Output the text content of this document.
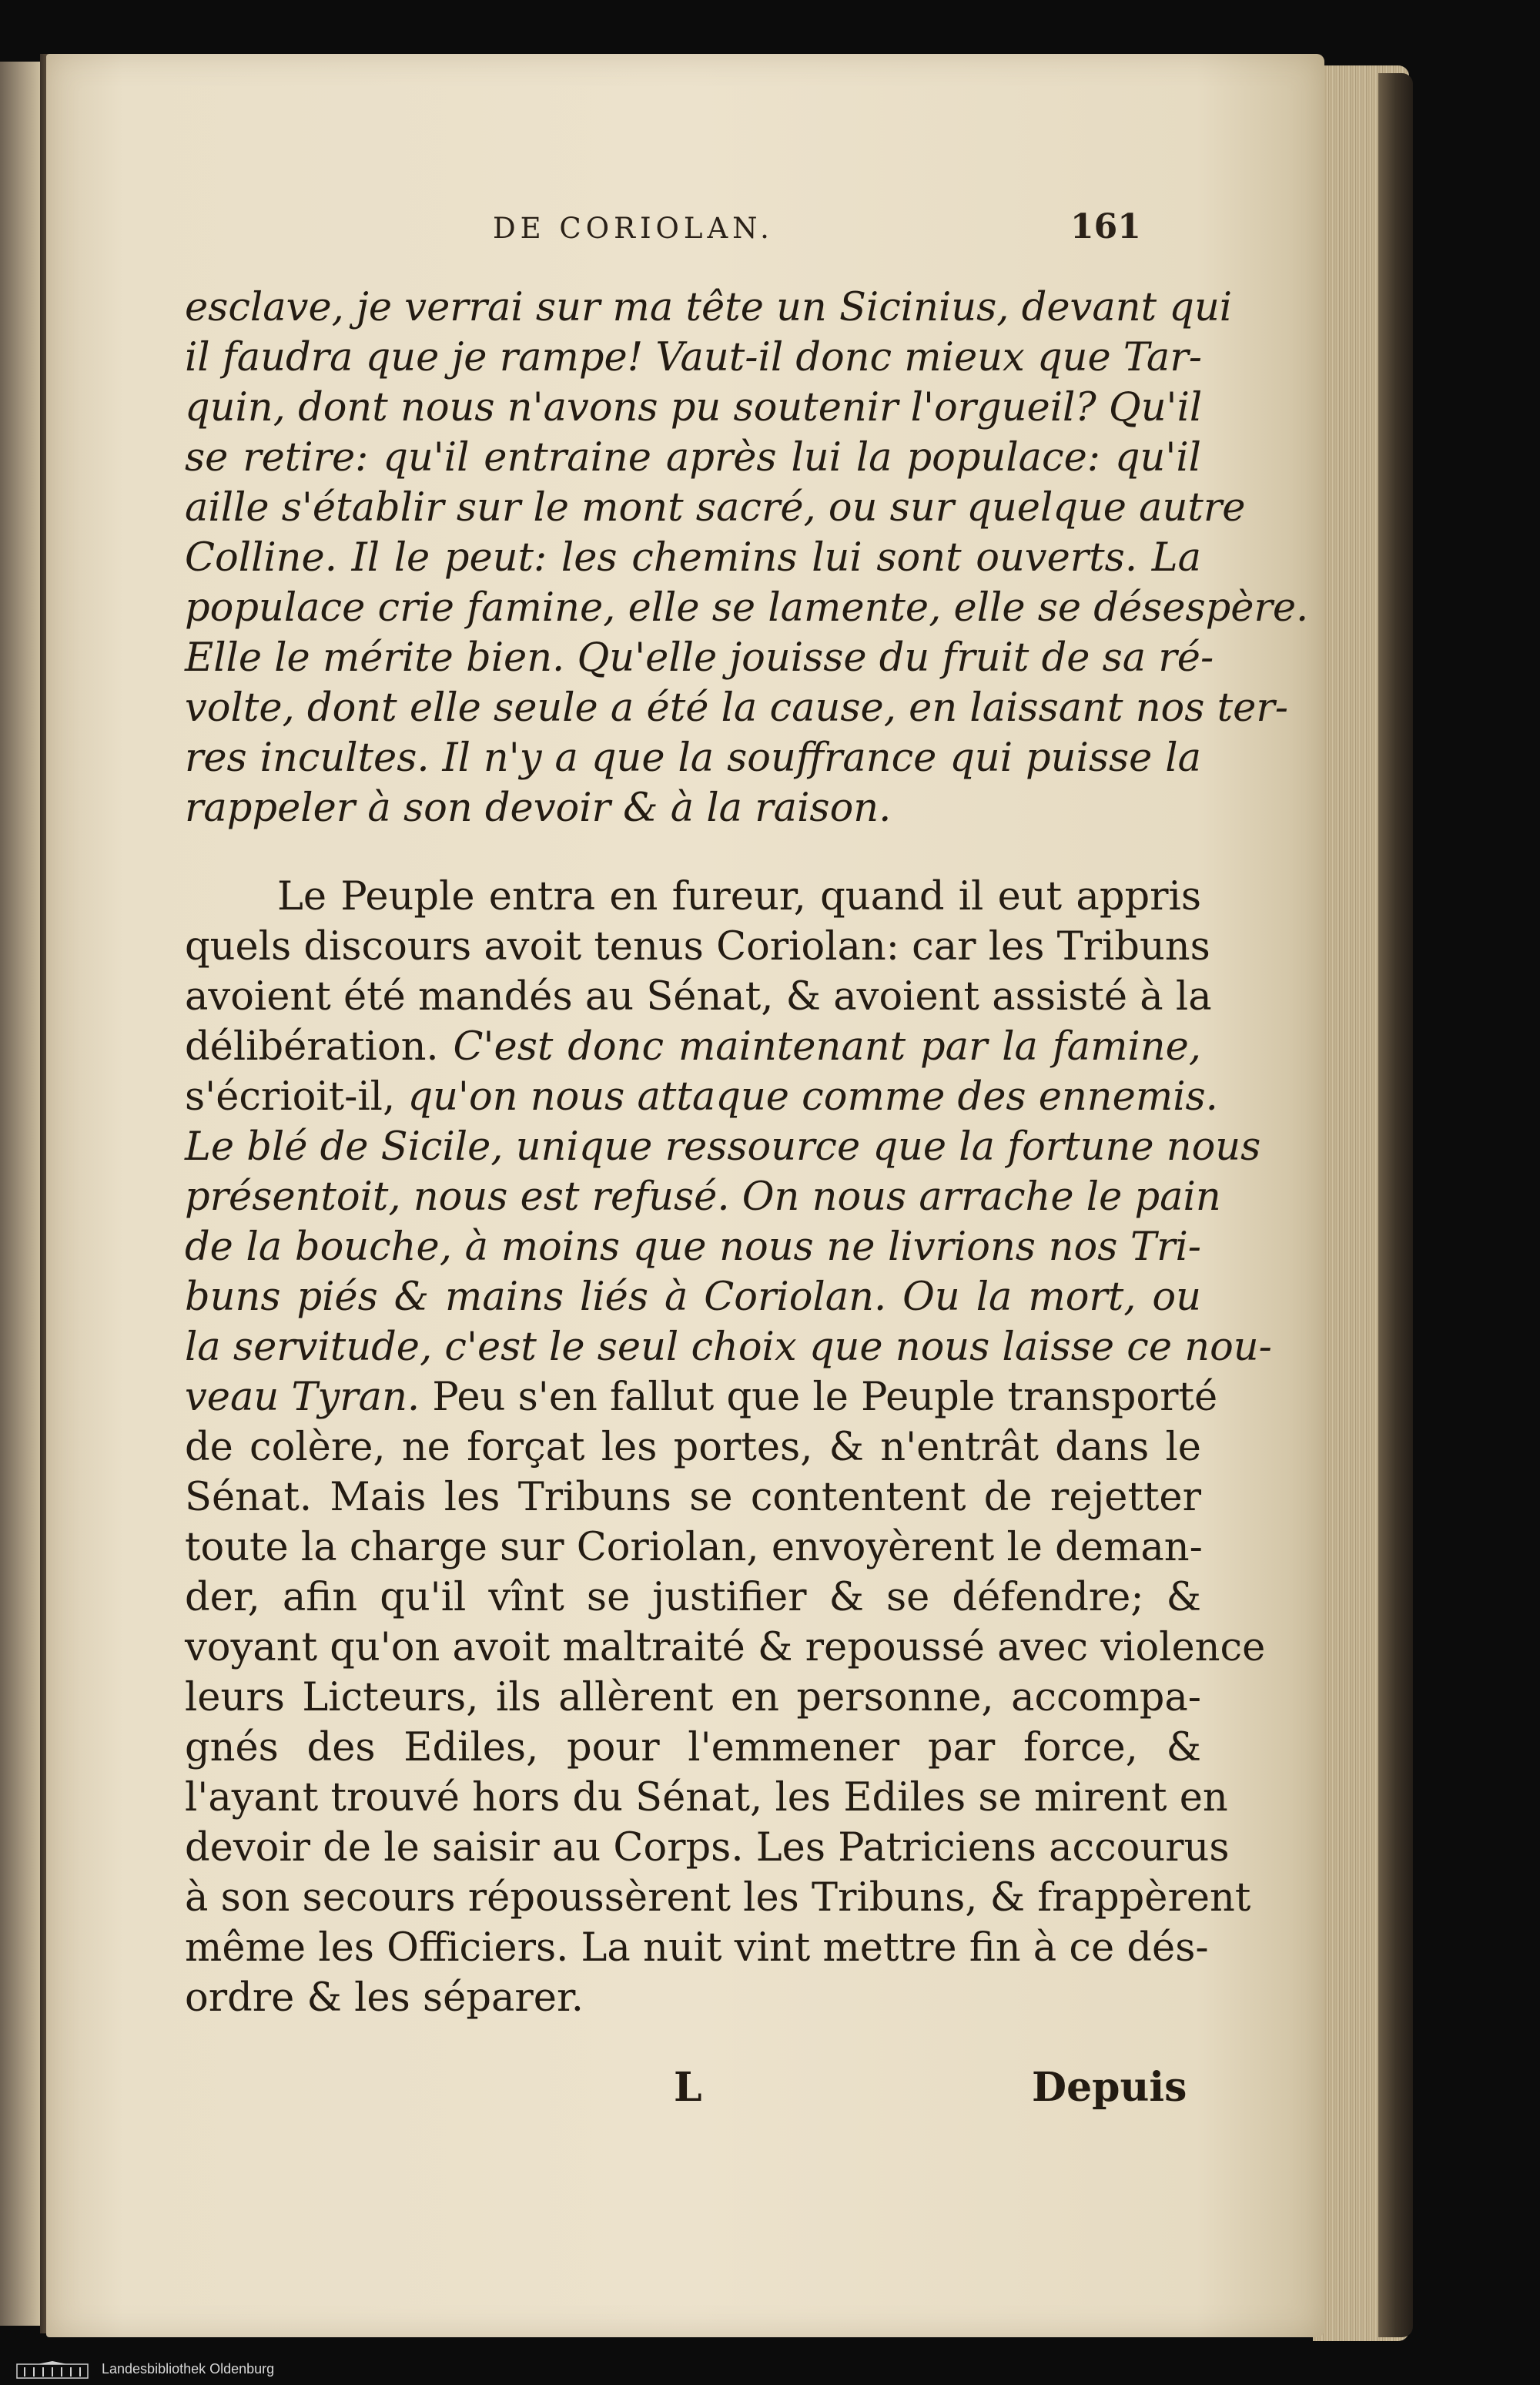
DE CORIOLAN.	161
esclave, je verrai sur ma tête un Sicinius, devant qui
il faudra que je rampe! Vaut-il donc mieux que Tar-
quin, dont nous n'avons pu soutenir l'orgueil? Qu'il
se retire: qu'il entraine après lui la populace: qu'il
aille s'établir sur le mont sacré, ou sur quelque autre
Colline. Il le peut: les chemins lui sont ouverts. La
populace crie famine, elle se lamente, elle se désespère.
Elle le mérite bien. Qu'elle jouisse du fruit de sa ré-
volte, dont elle seule a été la cause, en laissant nos ter-
res incultes. Il n'y a que la souffrance qui puisse la
rappeler à son devoir & à la raison.
Le Peuple entra en fureur, quand il eut appris
quels discours avoit tenus Coriolan: car les Tribuns
avoient été mandés au Sénat, & avoient assisté à la
délibération. C'est donc maintenant par la famine,
s'écrioit-il, qu'on nous attaque comme des ennemis.
Le blé de Sicile, unique ressource que la fortune nous
présentoit, nous est refusé. On nous arrache le pain
de la bouche, à moins que nous ne livrions nos Tri-
buns piés & mains liés à Coriolan. Ou la mort, ou
la servitude, c'est le seul choix que nous laisse ce nou-
veau Tyran. Peu s'en fallut que le Peuple transporté
de colère, ne forçat les portes, & n'entrât dans le
Sénat. Mais les Tribuns se contentent de rejetter
toute la charge sur Coriolan, envoyèrent le deman-
der, afin qu'il vînt se justifier & se défendre; &
voyant qu'on avoit maltraité & repoussé avec violence
leurs Licteurs, ils allèrent en personne, accompa-
gnés des Ediles, pour l'emmener par force, &
l'ayant trouvé hors du Sénat, les Ediles se mirent en
devoir de le saisir au Corps. Les Patriciens accourus
à son secours répoussèrent les Tribuns, & frappèrent
même les Officiers. La nuit vint mettre fin à ce dés-
ordre & les séparer.
L	Depuis
Landesbibliothek Oldenburg
